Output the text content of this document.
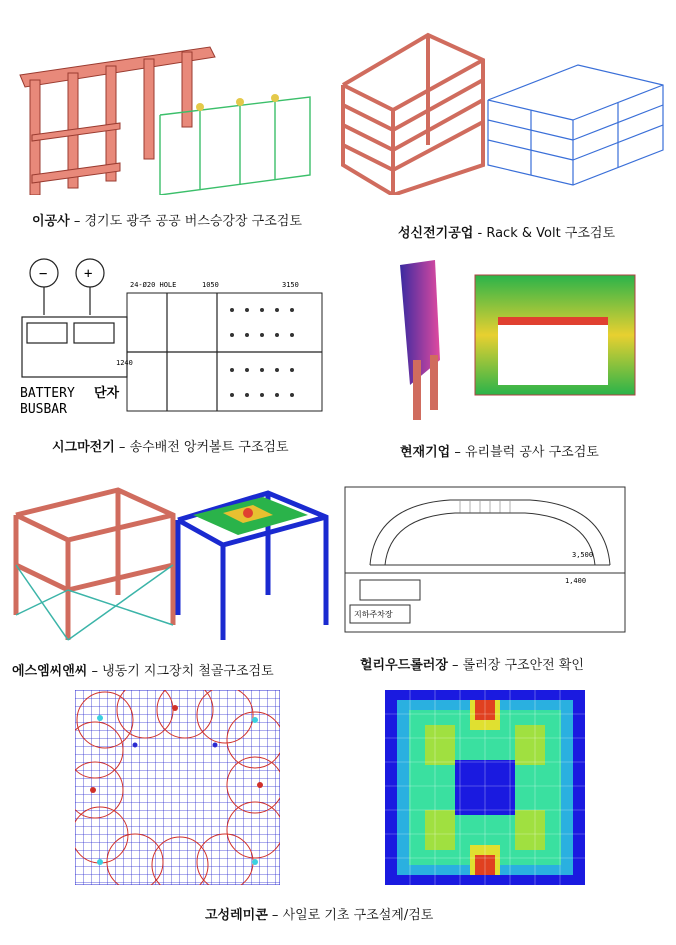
이공사 – 경기도 광주 공공 버스승강장 구조검토
성신전기공업 - Rack & Volt 구조검토
−	+
BATTERY
BUSBAR
단자
24-Ø20 HOLE	1050	3150
1240
시그마전기 – 송수배전 앙커볼트 구조검토	현재기업 – 유리블럭 공사 구조검토
지하주차장
3,500
1,400
에스엠씨앤씨 – 냉동기 지그장치 철골구조검토	헐리우드롤러장 – 롤러장 구조안전 확인
고성레미콘 – 사일로 기초 구조설계/검토
